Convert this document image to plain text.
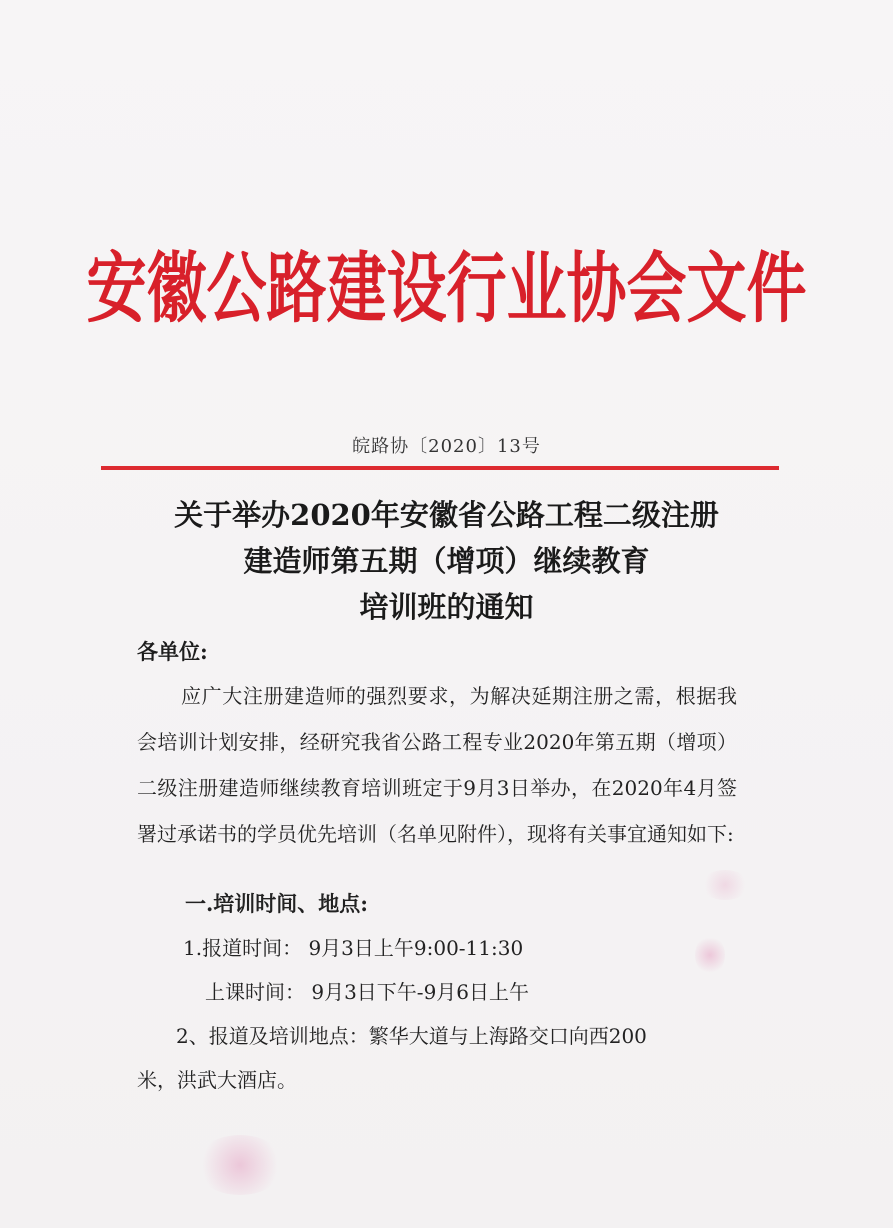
安徽公路建设行业协会文件
皖路协〔2020〕13号
关于举办2020年安徽省公路工程二级注册
建造师第五期（增项）继续教育
培训班的通知
各单位:
应广大注册建造师的强烈要求，为解决延期注册之需，根据我会培训计划安排，经研究我省公路工程专业2020年第五期（增项）二级注册建造师继续教育培训班定于9月3日举办，在2020年4月签署过承诺书的学员优先培训（名单见附件），现将有关事宜通知如下:
一.培训时间、地点:
1.报道时间： 9月3日上午9:00-11:30
上课时间： 9月3日下午-9月6日上午
2、报道及培训地点：繁华大道与上海路交口向西200
米，洪武大酒店。
